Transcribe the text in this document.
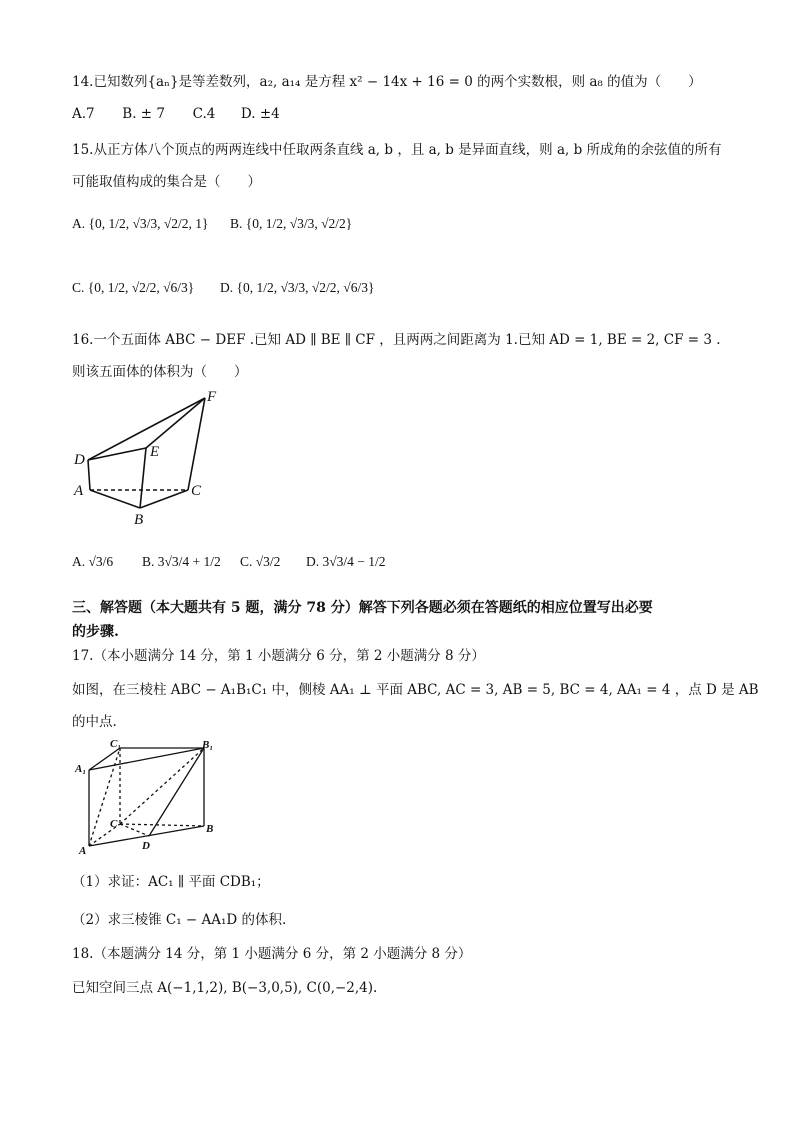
14.已知数列{aₙ}是等差数列，a₂, a₁₄ 是方程 x² − 14x + 16 = 0 的两个实数根，则 a₈ 的值为（　　）
A.7 B. ± 7 C.4 D. ±4
15.从正方体八个顶点的两两连线中任取两条直线 a, b ，且 a, b 是异面直线，则 a, b 所成角的余弦值的所有
可能取值构成的集合是（　　）
A. {0, 1/2, √3/3, √2/2, 1} B. {0, 1/2, √3/3, √2/2}
C. {0, 1/2, √2/2, √6/3} D. {0, 1/2, √3/3, √2/2, √6/3}
16.一个五面体 ABC − DEF .已知 AD ∥ BE ∥ CF ，且两两之间距离为 1.已知 AD = 1, BE = 2, CF = 3 .
则该五面体的体积为（　　）
F
D	E
A	C
B
A. √3/6 B. 3√3/4 + 1/2 C. √3/2 D. 3√3/4 − 1/2
三、解答题（本大题共有 5 题，满分 78 分）解答下列各题必须在答题纸的相应位置写出必要
的步骤.
17.（本小题满分 14 分，第 1 小题满分 6 分，第 2 小题满分 8 分）
如图，在三棱柱 ABC − A₁B₁C₁ 中，侧棱 AA₁ ⊥ 平面 ABC, AC = 3, AB = 5, BC = 4, AA₁ = 4 ，点 D 是 AB
的中点.
C₁	B₁
A₁
C	B
A	D
（1）求证：AC₁ ∥ 平面 CDB₁；
（2）求三棱锥 C₁ − AA₁D 的体积.
18.（本题满分 14 分，第 1 小题满分 6 分，第 2 小题满分 8 分）
已知空间三点 A(−1,1,2), B(−3,0,5), C(0,−2,4).
